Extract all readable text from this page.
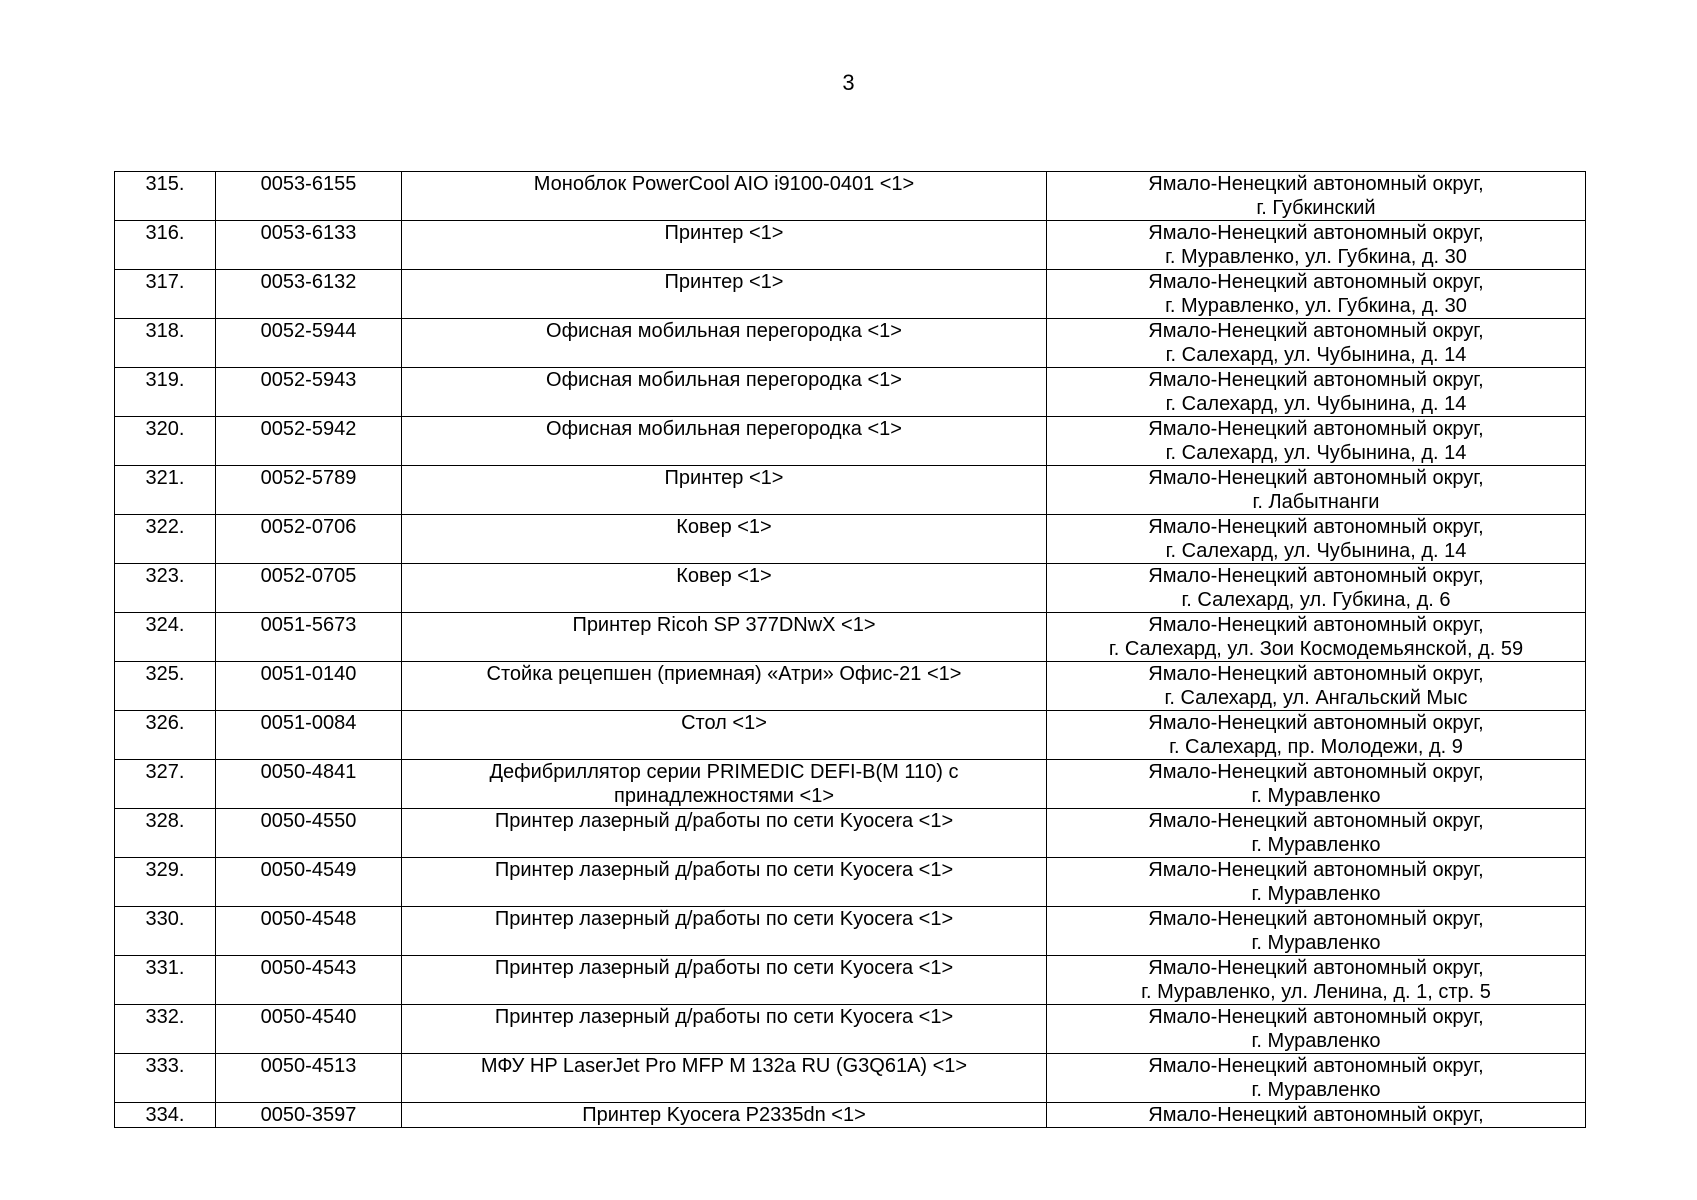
3
315.	0053-6155	Моноблок PowerCool AIO i9100-0401 <1>	Ямало-Ненецкий автономный округ,
г. Губкинский

316.	0053-6133	Принтер <1>	Ямало-Ненецкий автономный округ,
г. Муравленко, ул. Губкина, д. 30

317.	0053-6132	Принтер <1>	Ямало-Ненецкий автономный округ,
г. Муравленко, ул. Губкина, д. 30

318.	0052-5944	Офисная мобильная перегородка <1>	Ямало-Ненецкий автономный округ,
г. Салехард, ул. Чубынина, д. 14

319.	0052-5943	Офисная мобильная перегородка <1>	Ямало-Ненецкий автономный округ,
г. Салехард, ул. Чубынина, д. 14

320.	0052-5942	Офисная мобильная перегородка <1>	Ямало-Ненецкий автономный округ,
г. Салехард, ул. Чубынина, д. 14

321.	0052-5789	Принтер <1>	Ямало-Ненецкий автономный округ,
г. Лабытнанги

322.	0052-0706	Ковер <1>	Ямало-Ненецкий автономный округ,
г. Салехард, ул. Чубынина, д. 14

323.	0052-0705	Ковер <1>	Ямало-Ненецкий автономный округ,
г. Салехард, ул. Губкина, д. 6

324.	0051-5673	Принтер Ricoh SP 377DNwX <1>	Ямало-Ненецкий автономный округ,
г. Салехард, ул. Зои Космодемьянской, д. 59

325.	0051-0140	Стойка рецепшен (приемная) «Атри» Офис-21 <1>	Ямало-Ненецкий автономный округ,
г. Салехард, ул. Ангальский Мыс

326.	0051-0084	Стол <1>	Ямало-Ненецкий автономный округ,
г. Салехард, пр. Молодежи, д. 9

327.	0050-4841	Дефибриллятор серии PRIMEDIC DEFI-B(M 110) с принадлежностями <1>	Ямало-Ненецкий автономный округ,
г. Муравленко

328.	0050-4550	Принтер лазерный д/работы по сети Kyocera <1>	Ямало-Ненецкий автономный округ,
г. Муравленко

329.	0050-4549	Принтер лазерный д/работы по сети Kyocera <1>	Ямало-Ненецкий автономный округ,
г. Муравленко

330.	0050-4548	Принтер лазерный д/работы по сети Kyocera <1>	Ямало-Ненецкий автономный округ,
г. Муравленко

331.	0050-4543	Принтер лазерный д/работы по сети Kyocera <1>	Ямало-Ненецкий автономный округ,
г. Муравленко, ул. Ленина, д. 1, стр. 5

332.	0050-4540	Принтер лазерный д/работы по сети Kyocera <1>	Ямало-Ненецкий автономный округ,
г. Муравленко

333.	0050-4513	МФУ HP LaserJet Pro MFP M 132a RU (G3Q61A) <1>	Ямало-Ненецкий автономный округ,
г. Муравленко

334.	0050-3597	Принтер Kyocera P2335dn <1>	Ямало-Ненецкий автономный округ,
